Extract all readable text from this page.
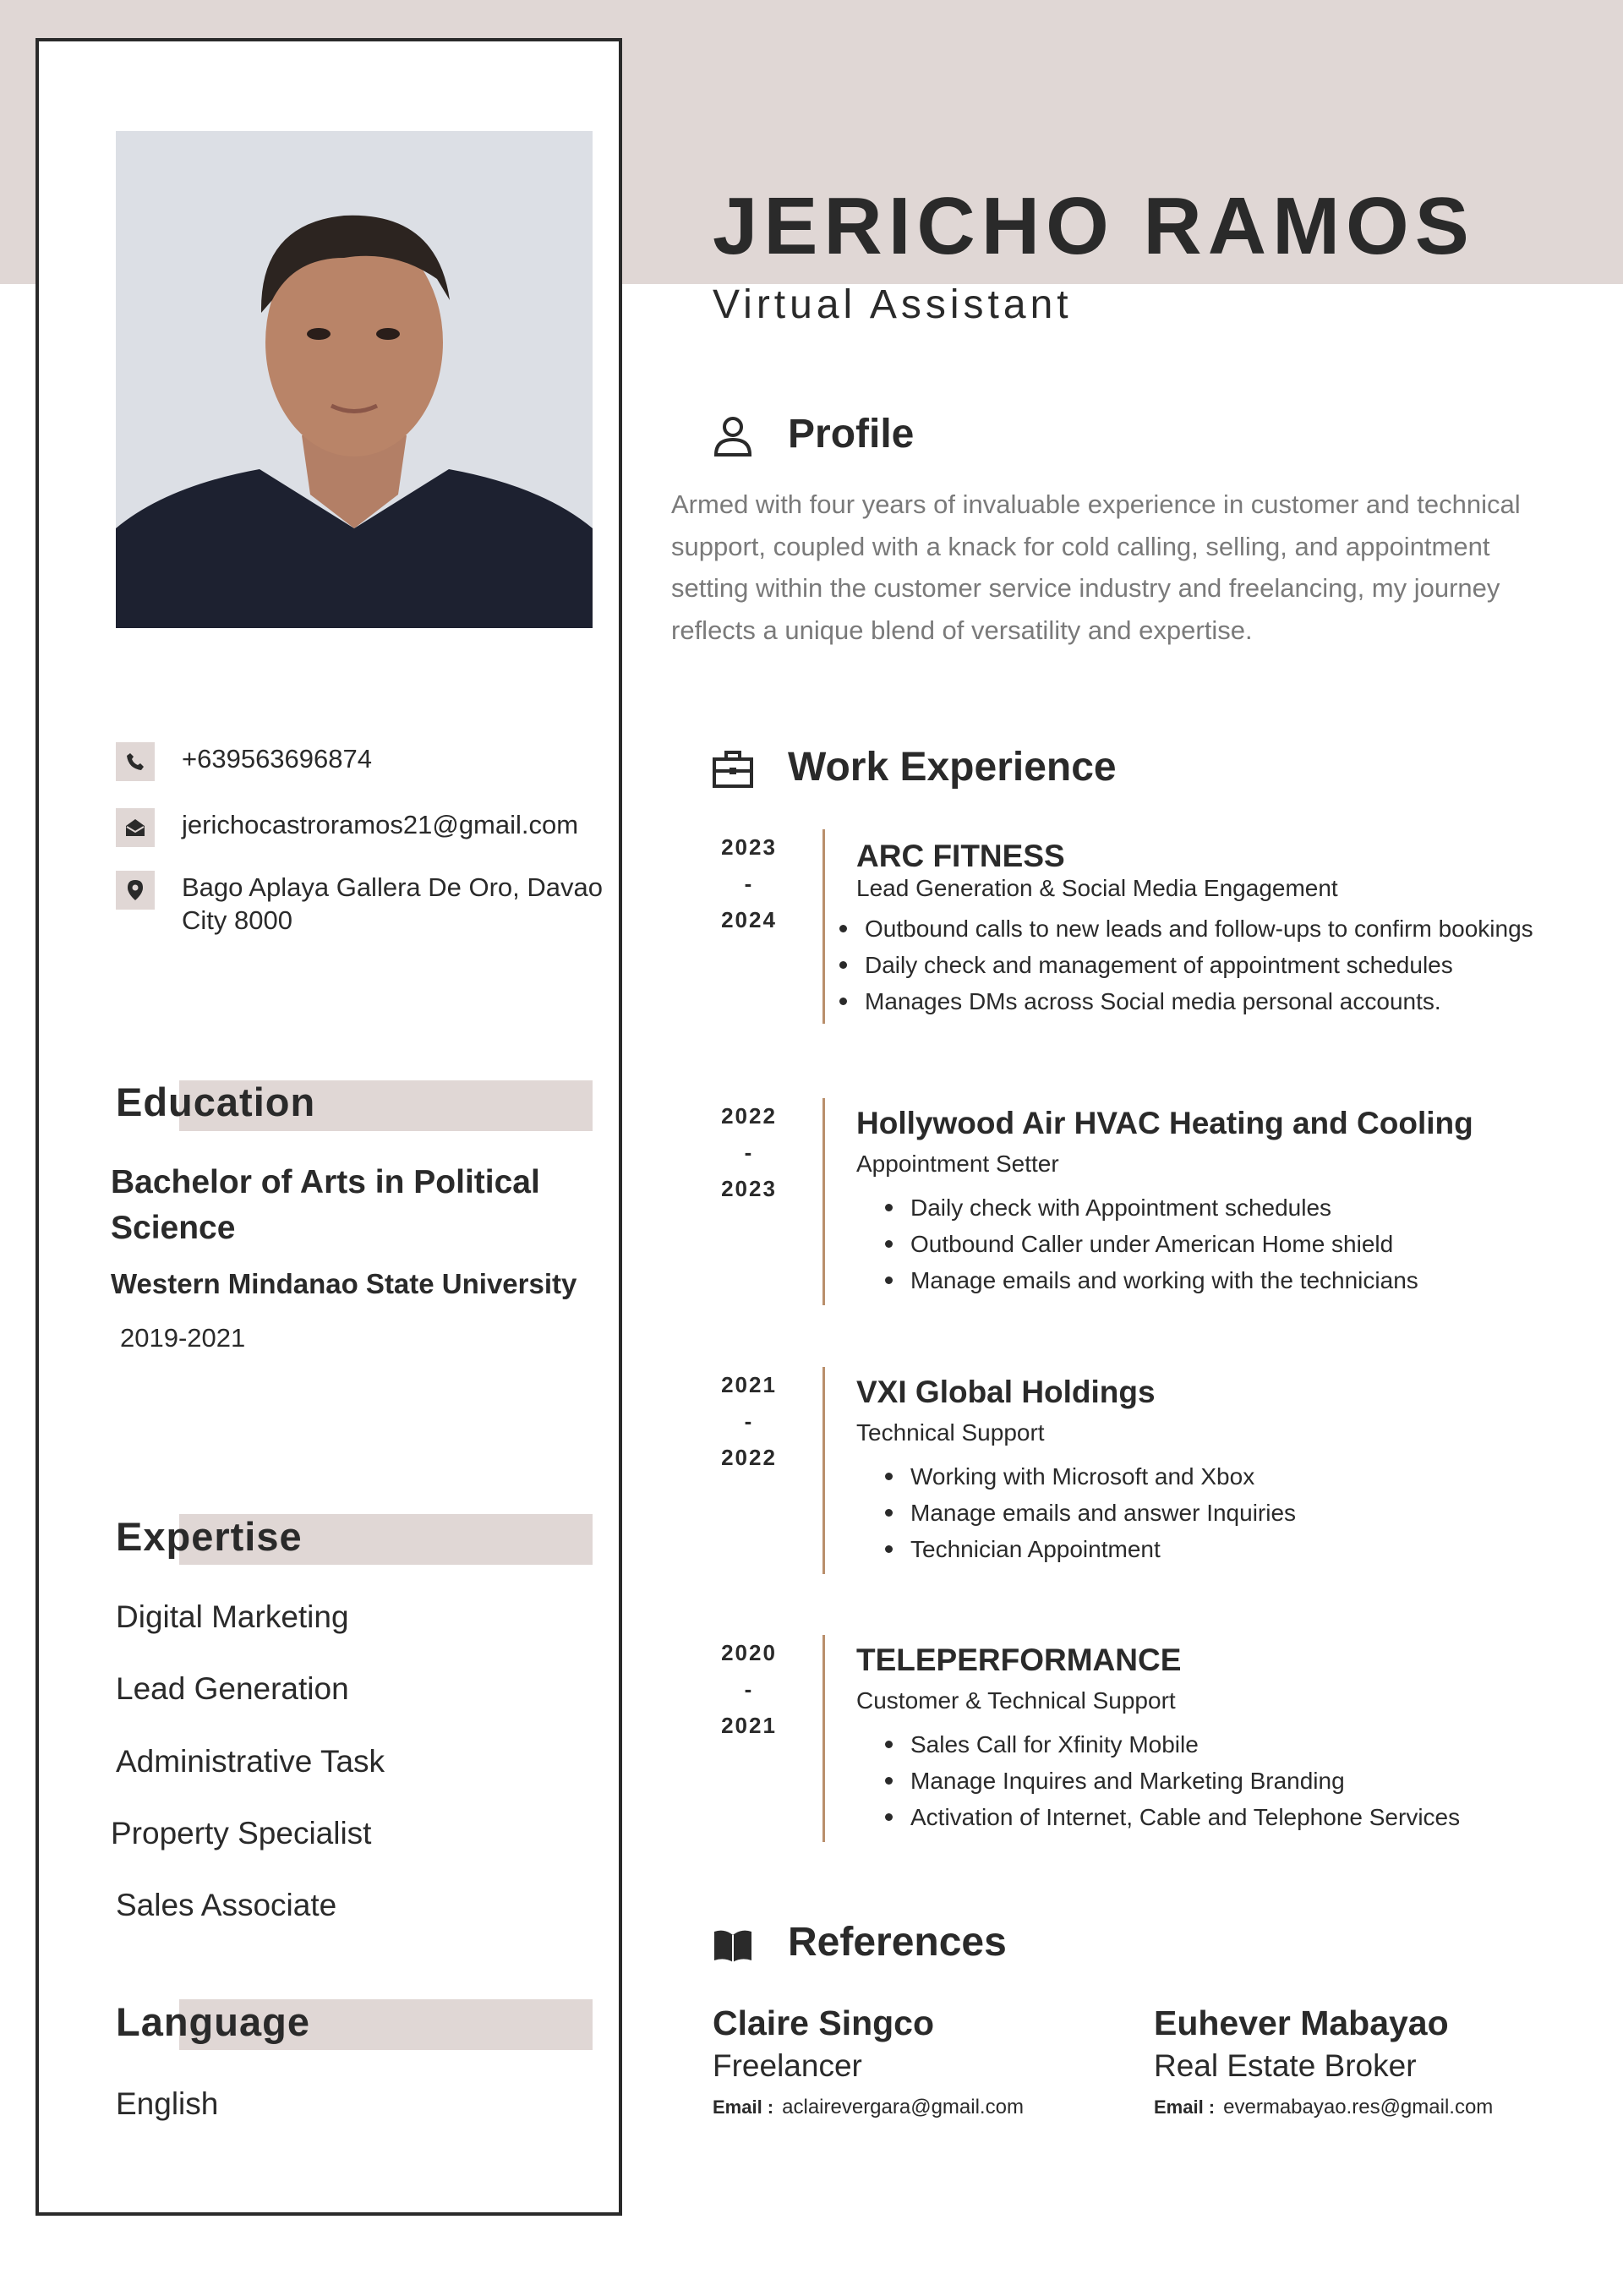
+639563696874
jerichocastroramos21@gmail.com
Bago Aplaya Gallera De Oro, Davao City 8000
Education
Bachelor of Arts in Political Science
Western Mindanao State University
2019-2021
Expertise
Digital Marketing
Lead Generation
Administrative Task
Property Specialist
Sales Associate
Language
English
JERICHO RAMOS
Virtual Assistant
Profile
Armed with four years of invaluable experience in customer and technical support, coupled with a knack for cold calling, selling, and appointment setting within the customer service industry and freelancing, my journey reflects a unique blend of versatility and expertise.
Work Experience
2023
-
2024
ARC FITNESS
Lead Generation & Social Media Engagement
Outbound calls to new leads and follow-ups to confirm bookings
Daily check and management of appointment schedules
Manages DMs across Social media personal accounts.
2022
-
2023
Hollywood Air HVAC Heating and Cooling
Appointment Setter
Daily check with Appointment schedules
Outbound Caller under American Home shield
Manage emails and working with the technicians
2021
-
2022
VXI Global Holdings
Technical Support
Working with Microsoft and Xbox
Manage emails and answer Inquiries
Technician Appointment
2020
-
2021
TELEPERFORMANCE
Customer & Technical Support
Sales Call for Xfinity Mobile
Manage Inquires and Marketing Branding
Activation of Internet, Cable and Telephone Services
References
Claire Singco
Freelancer
Email : aclairevergara@gmail.com
Euhever Mabayao
Real Estate Broker
Email : evermabayao.res@gmail.com
